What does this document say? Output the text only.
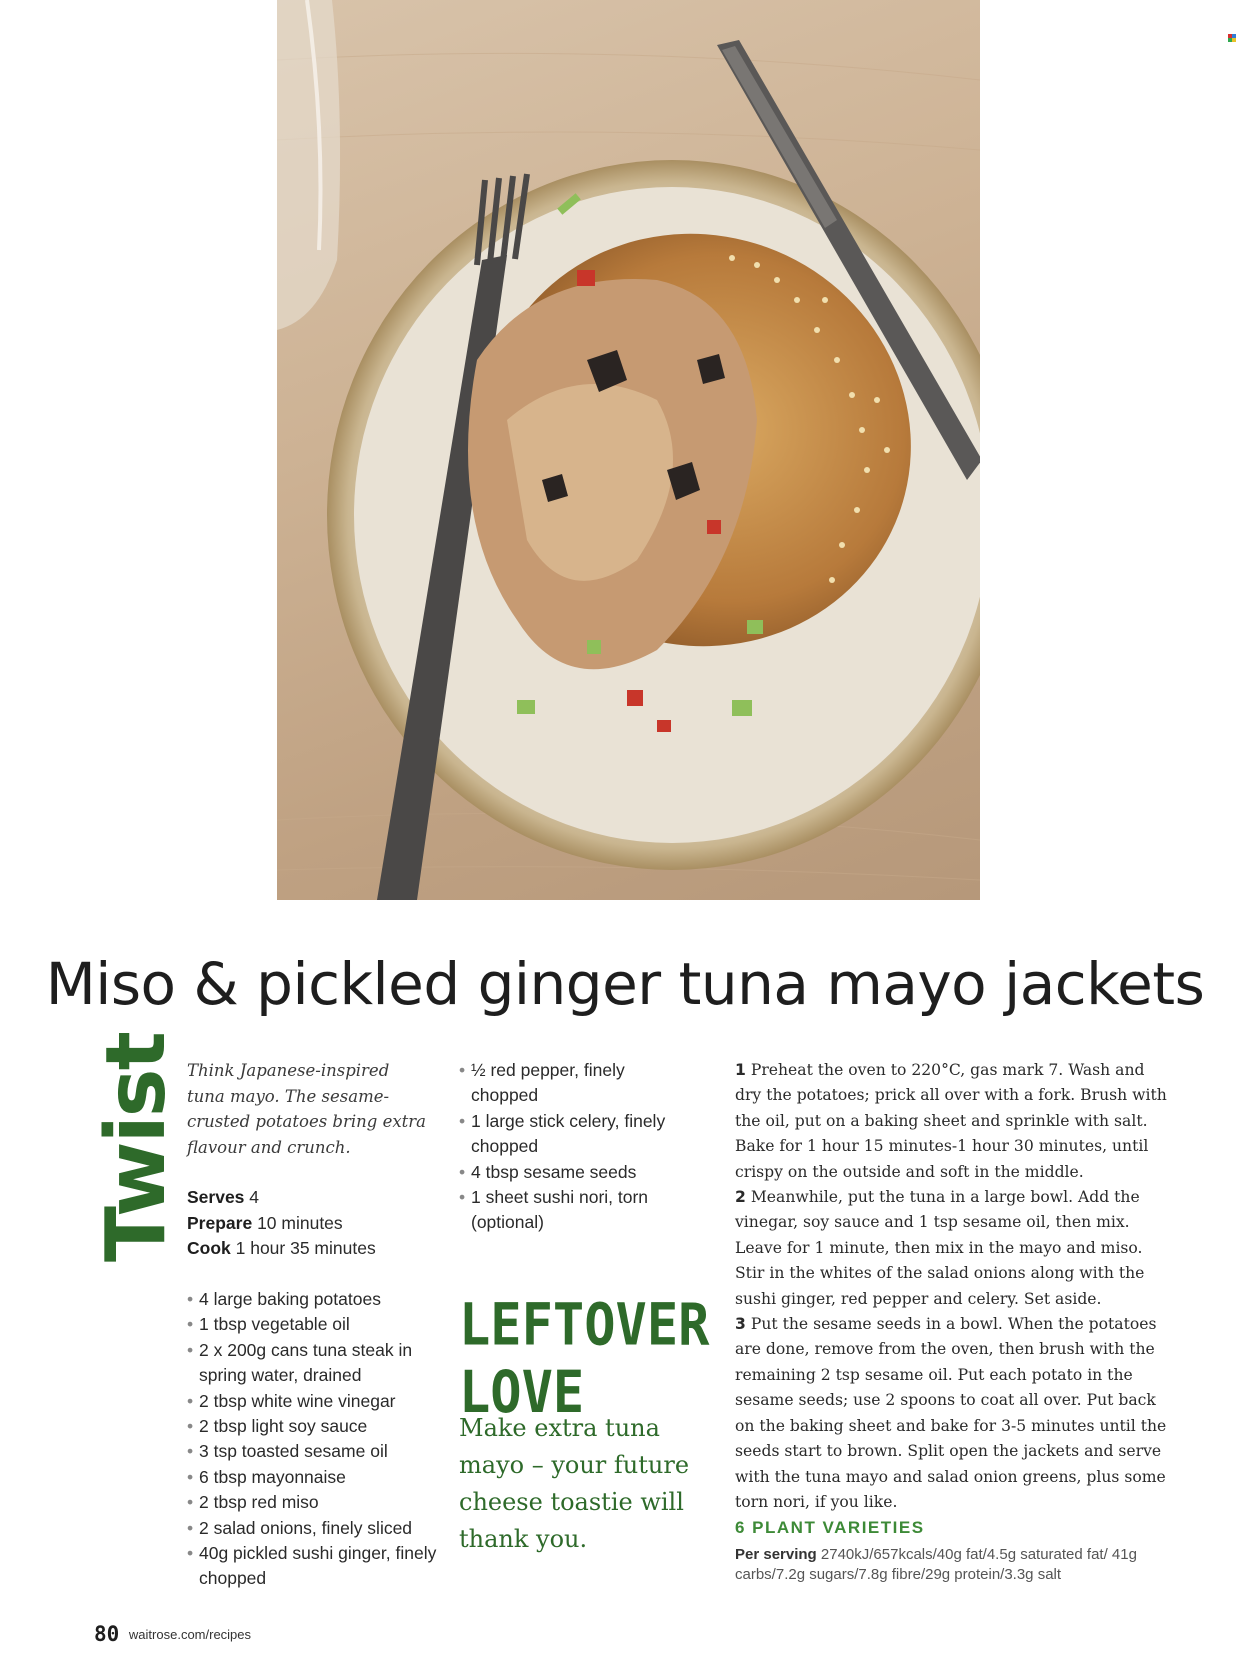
Miso & pickled ginger tuna mayo jackets
Twist Think Japanese-inspired tuna mayo. The sesame-crusted potatoes bring extra flavour and crunch.
Serves 4
Prepare 10 minutes
Cook 1 hour 35 minutes
• 4 large baking potatoes
• 1 tbsp vegetable oil
• 2 x 200g cans tuna steak in spring water, drained
• 2 tbsp white wine vinegar
• 2 tbsp light soy sauce
• 3 tsp toasted sesame oil
• 6 tbsp mayonnaise
• 2 tbsp red miso
• 2 salad onions, finely sliced
• 40g pickled sushi ginger, finely chopped
• ½ red pepper, finely chopped
• 1 large stick celery, finely chopped
• 4 tbsp sesame seeds
• 1 sheet sushi nori, torn (optional)
LEFTOVER
LOVE
Make extra tuna mayo – your future cheese toastie will thank you.

1 Preheat the oven to 220°C, gas mark 7. Wash and dry the potatoes; prick all over with a fork. Brush with the oil, put on a baking sheet and sprinkle with salt. Bake for 1 hour 15 minutes-1 hour 30 minutes, until crispy on the outside and soft in the middle.

2 Meanwhile, put the tuna in a large bowl. Add the vinegar, soy sauce and 1 tsp sesame oil, then mix. Leave for 1 minute, then mix in the mayo and miso. Stir in the whites of the salad onions along with the sushi ginger, red pepper and celery. Set aside.

3 Put the sesame seeds in a bowl. When the potatoes are done, remove from the oven, then brush with the remaining 2 tsp sesame oil. Put each potato in the sesame seeds; use 2 spoons to coat all over. Put back on the baking sheet and bake for 3-5 minutes until the seeds start to brown. Split open the jackets and serve with the tuna mayo and salad onion greens, plus some torn nori, if you like.

6 PLANT VARIETIES
Per serving 2740kJ/657kcals/40g fat/4.5g saturated fat/ 41g carbs/7.2g sugars/7.8g fibre/29g protein/3.3g salt
80 waitrose.com/recipes
